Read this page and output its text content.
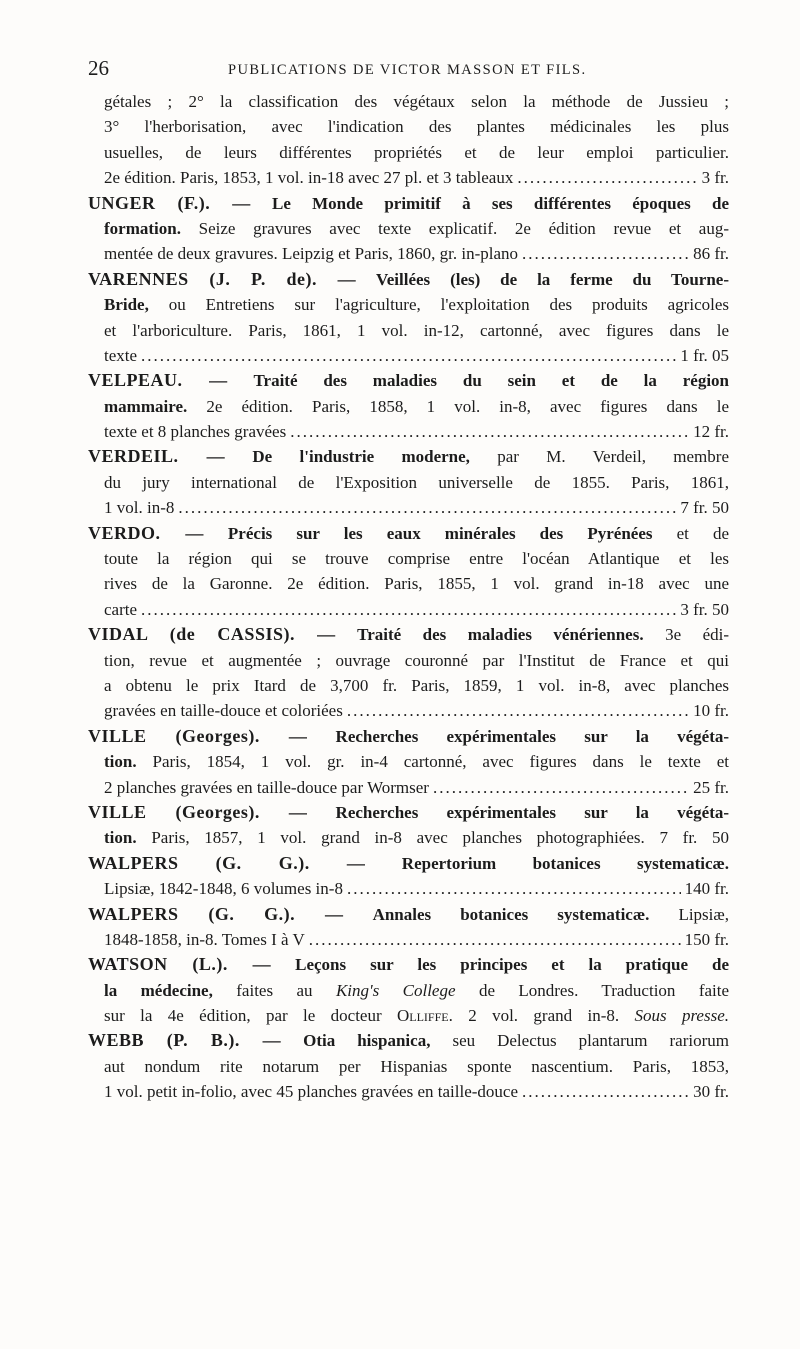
26	PUBLICATIONS DE VICTOR MASSON ET FILS.
gétales ; 2° la classification des végétaux selon la méthode de Jussieu ;
3° l'herborisation, avec l'indication des plantes médicinales les plus
usuelles, de leurs différentes propriétés et de leur emploi particulier.
2e édition. Paris, 1853, 1 vol. in-18 avec 27 pl. et 3 tableaux .....	3 fr.
UNGER (F.). — Le Monde primitif à ses différentes époques de
formation. Seize gravures avec texte explicatif. 2e édition revue et aug-
mentée de deux gravures. Leipzig et Paris, 1860, gr. in-plano .....	86 fr.
VARENNES (J. P. de). — Veillées (les) de la ferme du Tourne-
Bride, ou Entretiens sur l'agriculture, l'exploitation des produits agricoles
et l'arboriculture. Paris, 1861, 1 vol. in-12, cartonné, avec figures dans le
texte .....	1 fr. 05
VELPEAU. — Traité des maladies du sein et de la région
mammaire. 2e édition. Paris, 1858, 1 vol. in-8, avec figures dans le
texte et 8 planches gravées .....	12 fr.
VERDEIL. — De l'industrie moderne, par M. Verdeil, membre
du jury international de l'Exposition universelle de 1855. Paris, 1861,
1 vol. in-8 .....	7 fr. 50
VERDO. — Précis sur les eaux minérales des Pyrénées et de
toute la région qui se trouve comprise entre l'océan Atlantique et les
rives de la Garonne. 2e édition. Paris, 1855, 1 vol. grand in-18 avec une
carte .....	3 fr. 50
VIDAL (de CASSIS). — Traité des maladies vénériennes. 3e édi-
tion, revue et augmentée ; ouvrage couronné par l'Institut de France et qui
a obtenu le prix Itard de 3,700 fr. Paris, 1859, 1 vol. in-8, avec planches
gravées en taille-douce et coloriées .....	10 fr.
VILLE (Georges). — Recherches expérimentales sur la végéta-
tion. Paris, 1854, 1 vol. gr. in-4 cartonné, avec figures dans le texte et
2 planches gravées en taille-douce par Wormser .....	25 fr.
VILLE (Georges). — Recherches expérimentales sur la végéta-
tion. Paris, 1857, 1 vol. grand in-8 avec planches photographiées. 7 fr. 50
WALPERS (G. G.). — Repertorium botanices systematicæ.
Lipsiæ, 1842-1848, 6 volumes in-8 .....	140 fr.
WALPERS (G. G.). — Annales botanices systematicæ. Lipsiæ,
1848-1858, in-8. Tomes I à V .....	150 fr.
WATSON (L.). — Leçons sur les principes et la pratique de
la médecine, faites au King's College de Londres. Traduction faite
sur la 4e édition, par le docteur Olliffe. 2 vol. grand in-8. Sous presse.
WEBB (P. B.). — Otia hispanica, seu Delectus plantarum rariorum
aut nondum rite notarum per Hispanias sponte nascentium. Paris, 1853,
1 vol. petit in-folio, avec 45 planches gravées en taille-douce .....	30 fr.
